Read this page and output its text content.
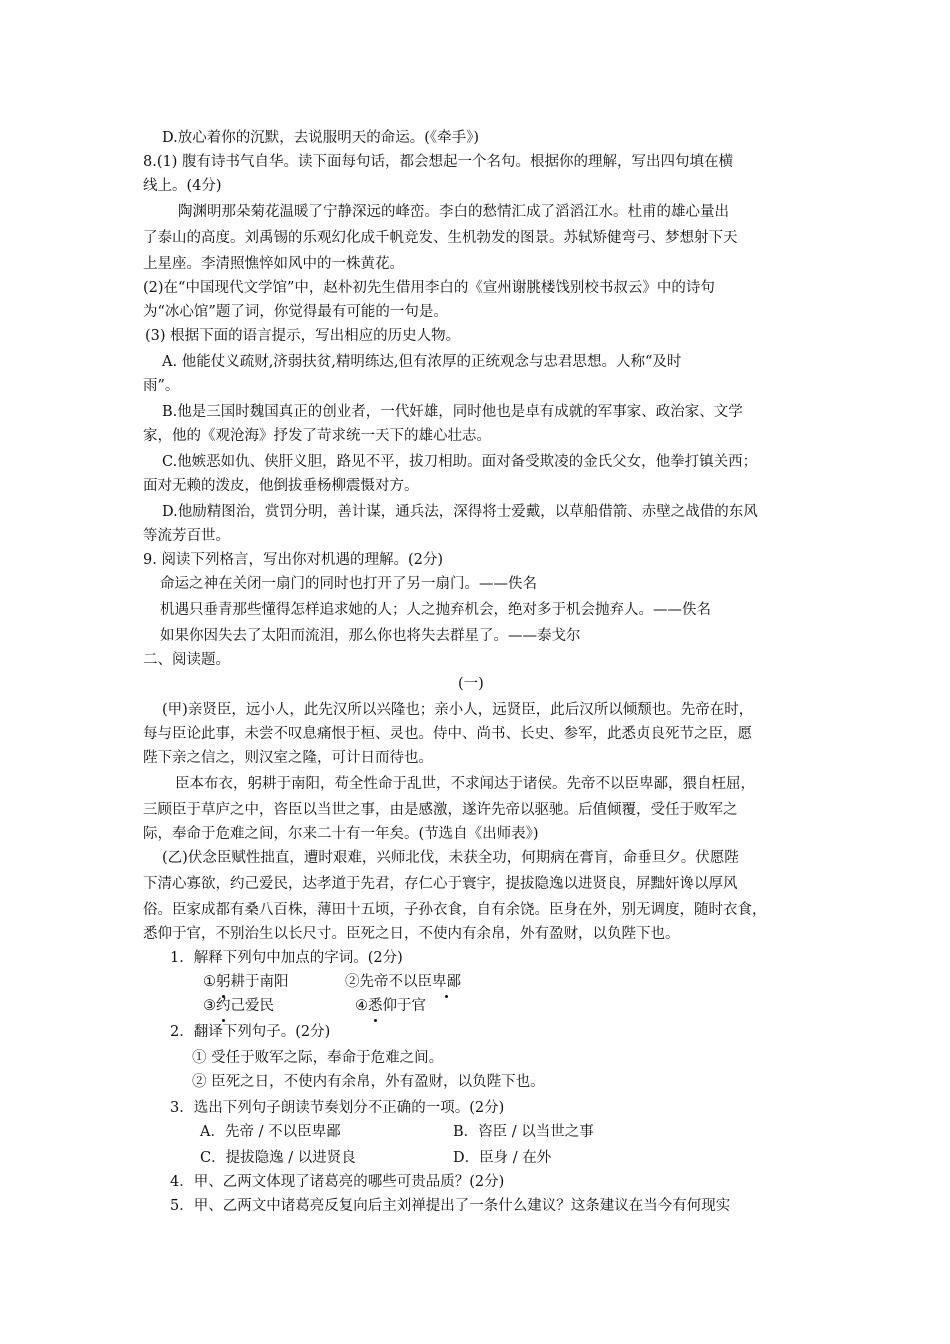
D.放心着你的沉默，去说服明天的命运。(《牵手》)
8.(1) 腹有诗书气自华。读下面每句话，都会想起一个名句。根据你的理解，写出四句填在横
线上。(4分)
陶渊明那朵菊花温暖了宁静深远的峰峦。李白的愁情汇成了滔滔江水。杜甫的雄心量出
了泰山的高度。刘禹锡的乐观幻化成千帆竞发、生机勃发的图景。苏轼矫健弯弓、梦想射下天
上星座。李清照憔悴如风中的一株黄花。
(2)在“中国现代文学馆”中，赵朴初先生借用李白的《宣州谢朓楼饯别校书叔云》中的诗句
为“冰心馆”题了词，你觉得最有可能的一句是。
(3) 根据下面的语言提示，写出相应的历史人物。
A. 他能仗义疏财,济弱扶贫,精明练达,但有浓厚的正统观念与忠君思想。人称“及时
雨”。
B.他是三国时魏国真正的创业者，一代奸雄，同时他也是卓有成就的军事家、政治家、文学
家，他的《观沧海》抒发了苛求统一天下的雄心壮志。
C.他嫉恶如仇、侠肝义胆，路见不平，拔刀相助。面对备受欺凌的金氏父女，他拳打镇关西；
面对无赖的泼皮，他倒拔垂杨柳震慑对方。
D.他励精图治，赏罚分明，善计谋，通兵法，深得将士爱戴，以草船借箭、赤壁之战借的东风
等流芳百世。
9. 阅读下列格言，写出你对机遇的理解。(2分)
命运之神在关闭一扇门的同时也打开了另一扇门。——佚名
机遇只垂青那些懂得怎样追求她的人；人之抛弃机会，绝对多于机会抛弃人。——佚名
如果你因失去了太阳而流泪，那么你也将失去群星了。——泰戈尔
二、阅读题。
(一)
(甲)亲贤臣，远小人，此先汉所以兴隆也；亲小人，远贤臣，此后汉所以倾颓也。先帝在时，
每与臣论此事，未尝不叹息痛恨于桓、灵也。侍中、尚书、长史、参军，此悉贞良死节之臣，愿
陛下亲之信之，则汉室之隆，可计日而待也。
臣本布衣，躬耕于南阳，苟全性命于乱世，不求闻达于诸侯。先帝不以臣卑鄙，猥自枉屈，
三顾臣于草庐之中，咨臣以当世之事，由是感激，遂许先帝以驱驰。后值倾覆，受任于败军之
际，奉命于危难之间，尔来二十有一年矣。(节选自《出师表》)
(乙)伏念臣赋性拙直，遭时艰难，兴师北伐，未获全功，何期病在膏肓，命垂旦夕。伏愿陛
下清心寡欲，约己爱民，达孝道于先君，存仁心于寰宇，提拔隐逸以进贤良，屏黜奸谗以厚风
俗。臣家成都有桑八百株，薄田十五顷，子孙衣食，自有余饶。臣身在外，别无调度，随时衣食，
悉仰于官，不别治生以长尺寸。臣死之日，不使内有余帛，外有盈财，以负陛下也。
1．解释下列句中加点的字词。(2分)
①躬耕于南阳	②先帝不以臣卑鄙
③约己爱民	④悉仰于官
2．翻译下列句子。(2分)
① 受任于败军之际，奉命于危难之间。
② 臣死之日，不使内有余帛，外有盈财，以负陛下也。
3．选出下列句子朗读节奏划分不正确的一项。(2分)
A．先帝 / 不以臣卑鄙	B．咨臣 / 以当世之事
C．提拔隐逸 / 以进贤良	D．臣身 / 在外
4．甲、乙两文体现了诸葛亮的哪些可贵品质？(2分)
5．甲、乙两文中诸葛亮反复向后主刘禅提出了一条什么建议？这条建议在当今有何现实
